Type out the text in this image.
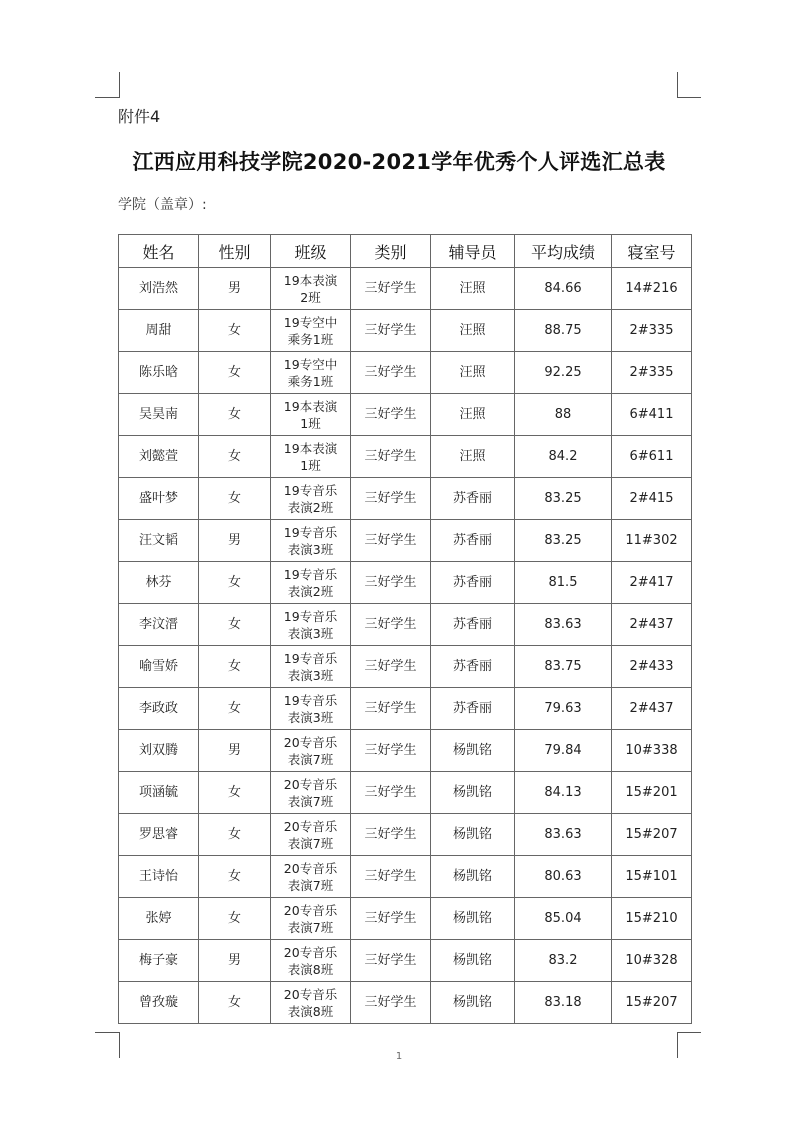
附件4
江西应用科技学院2020-2021学年优秀个人评选汇总表
学院（盖章）:
姓名	性别	班级	类别	辅导员	平均成绩	寝室号
刘浩然	男	19本表演2班	三好学生	汪照	84.66	14#216
周甜	女	19专空中乘务1班	三好学生	汪照	88.75	2#335
陈乐晗	女	19专空中乘务1班	三好学生	汪照	92.25	2#335
吴昊南	女	19本表演1班	三好学生	汪照	88	6#411
刘懿萱	女	19本表演1班	三好学生	汪照	84.2	6#611
盛叶梦	女	19专音乐表演2班	三好学生	苏香丽	83.25	2#415
汪文韬	男	19专音乐表演3班	三好学生	苏香丽	83.25	11#302
林芬	女	19专音乐表演2班	三好学生	苏香丽	81.5	2#417
李汶溍	女	19专音乐表演3班	三好学生	苏香丽	83.63	2#437
喻雪娇	女	19专音乐表演3班	三好学生	苏香丽	83.75	2#433
李政政	女	19专音乐表演3班	三好学生	苏香丽	79.63	2#437
刘双腾	男	20专音乐表演7班	三好学生	杨凯铭	79.84	10#338
项涵毓	女	20专音乐表演7班	三好学生	杨凯铭	84.13	15#201
罗思睿	女	20专音乐表演7班	三好学生	杨凯铭	83.63	15#207
王诗怡	女	20专音乐表演7班	三好学生	杨凯铭	80.63	15#101
张婷	女	20专音乐表演7班	三好学生	杨凯铭	85.04	15#210
梅子豪	男	20专音乐表演8班	三好学生	杨凯铭	83.2	10#328
曾孜璇	女	20专音乐表演8班	三好学生	杨凯铭	83.18	15#207
1
